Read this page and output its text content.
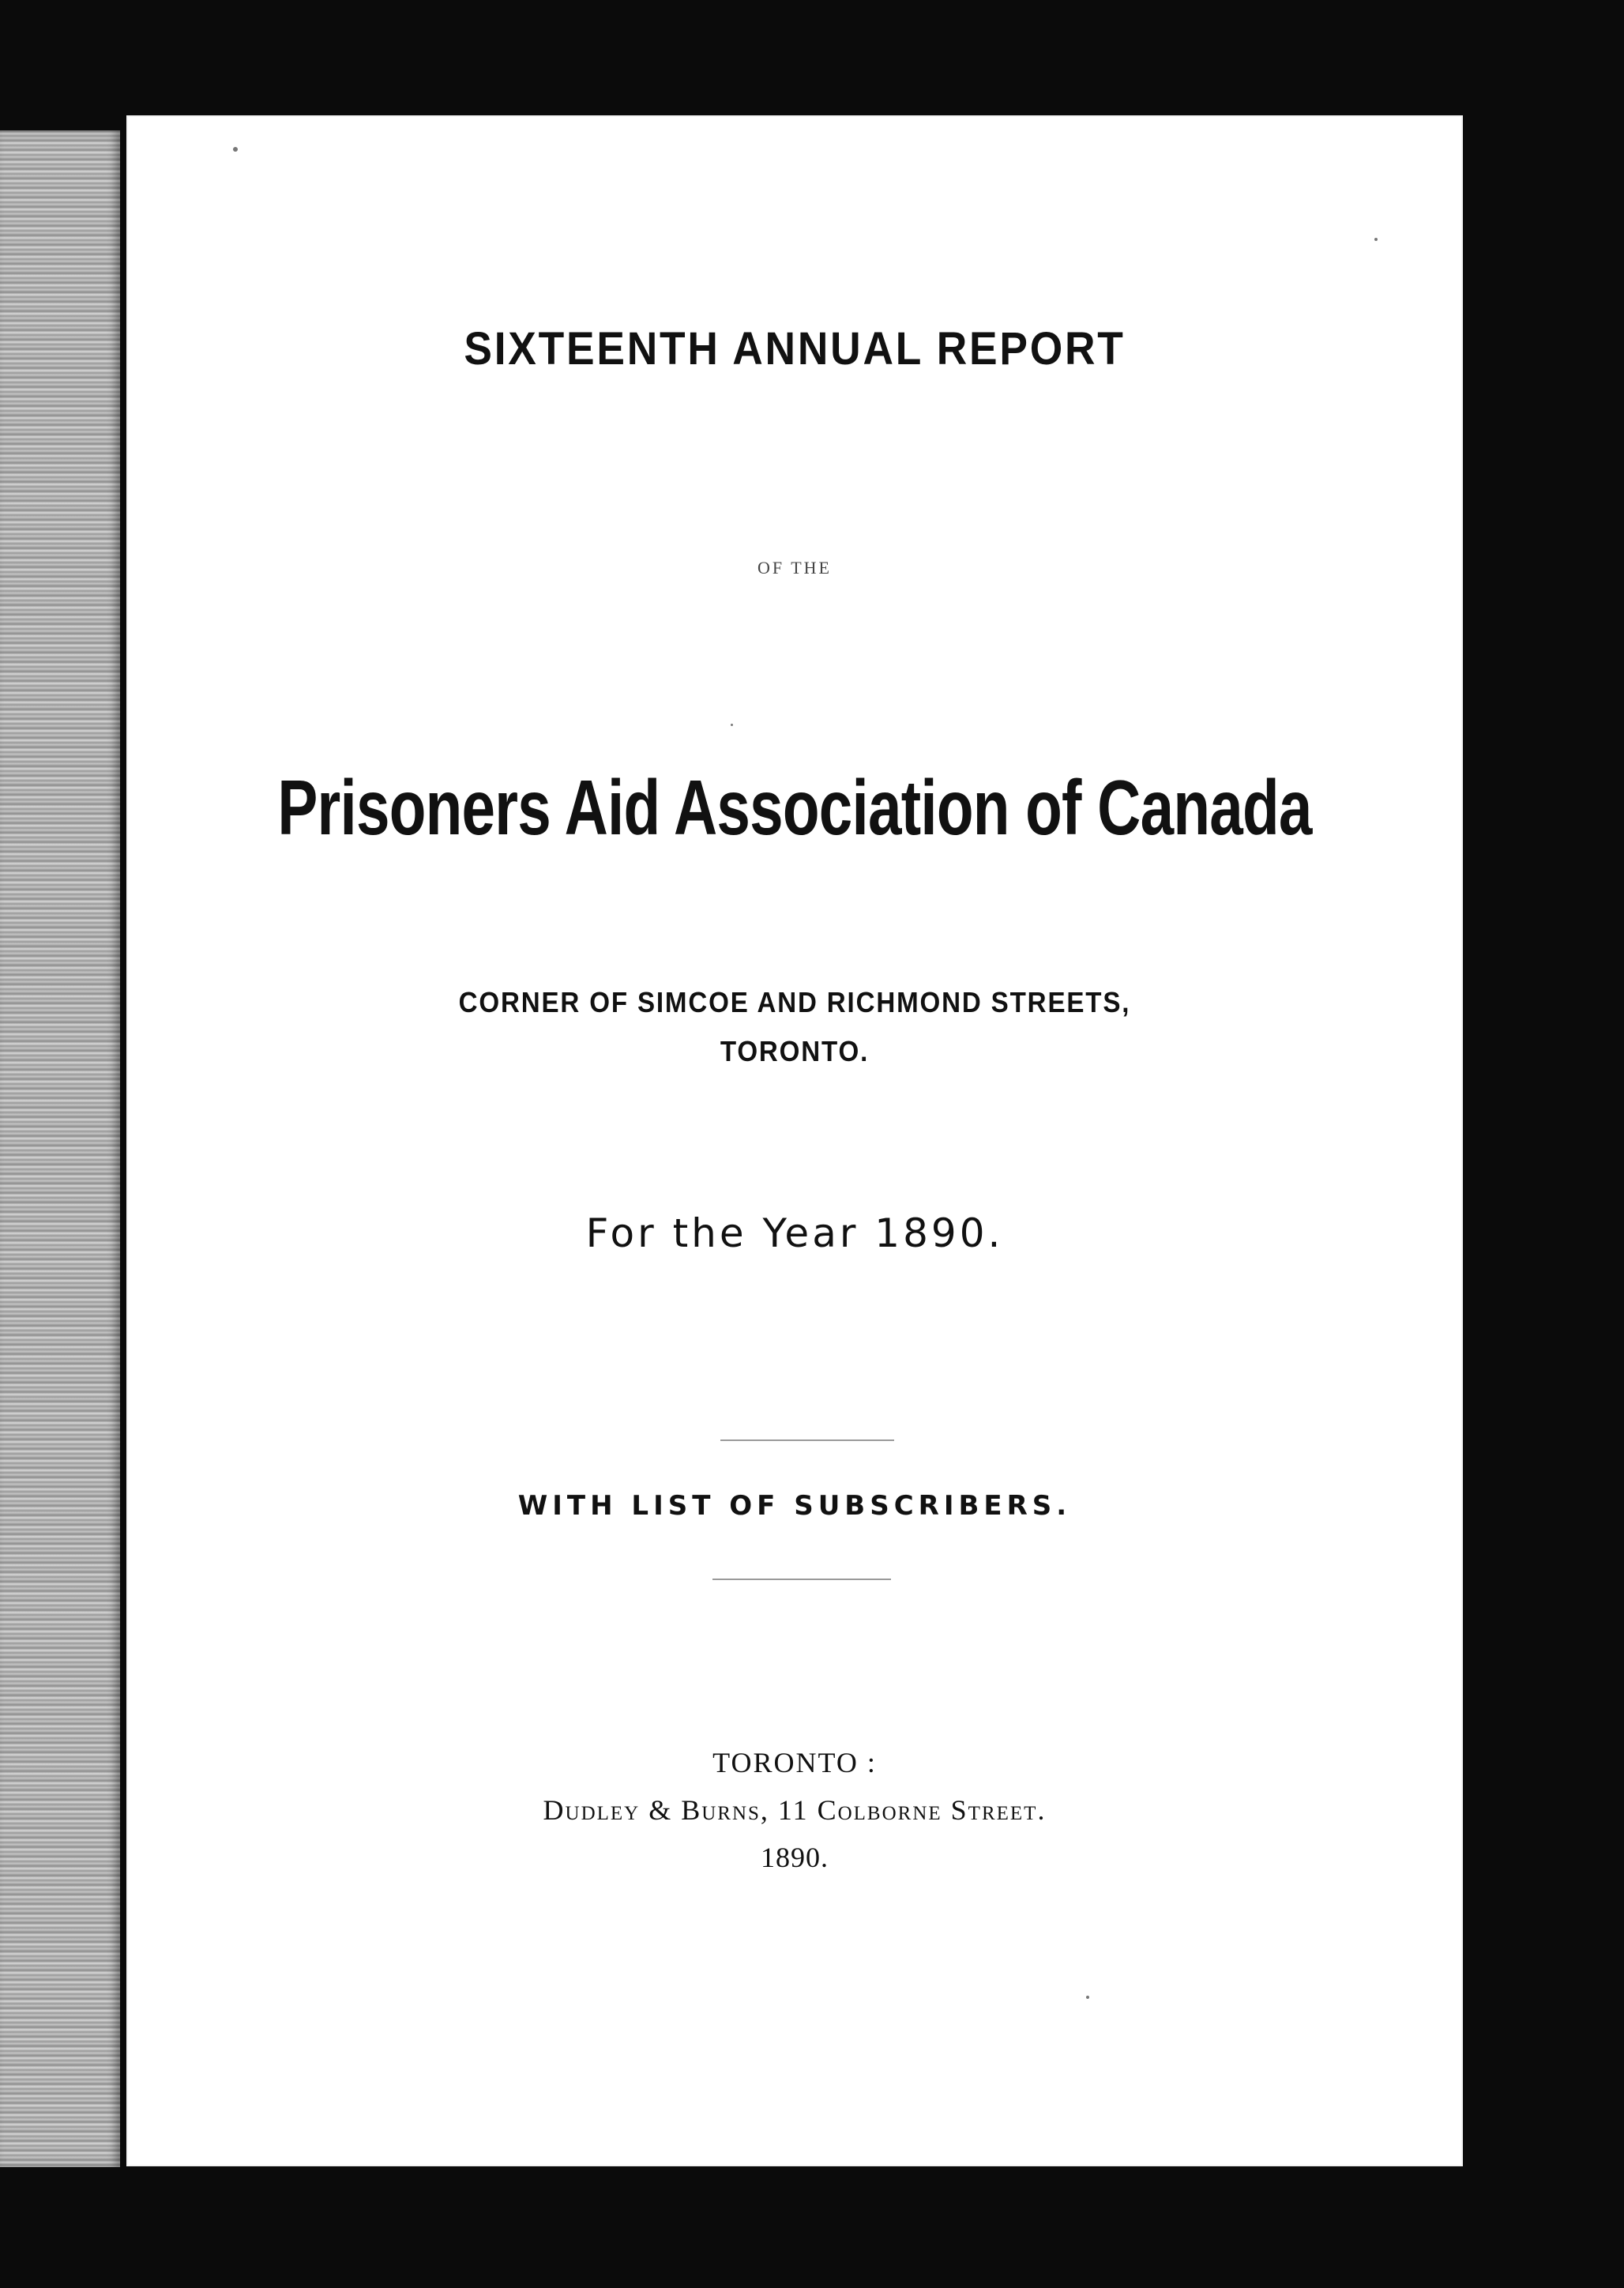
SIXTEENTH ANNUAL REPORT
OF THE
Prisoners Aid Association of Canada
CORNER OF SIMCOE AND RICHMOND STREETS,
TORONTO.
For the Year 1890.
WITH LIST OF SUBSCRIBERS.
TORONTO :
Dudley & Burns, 11 Colborne Street.
1890.
